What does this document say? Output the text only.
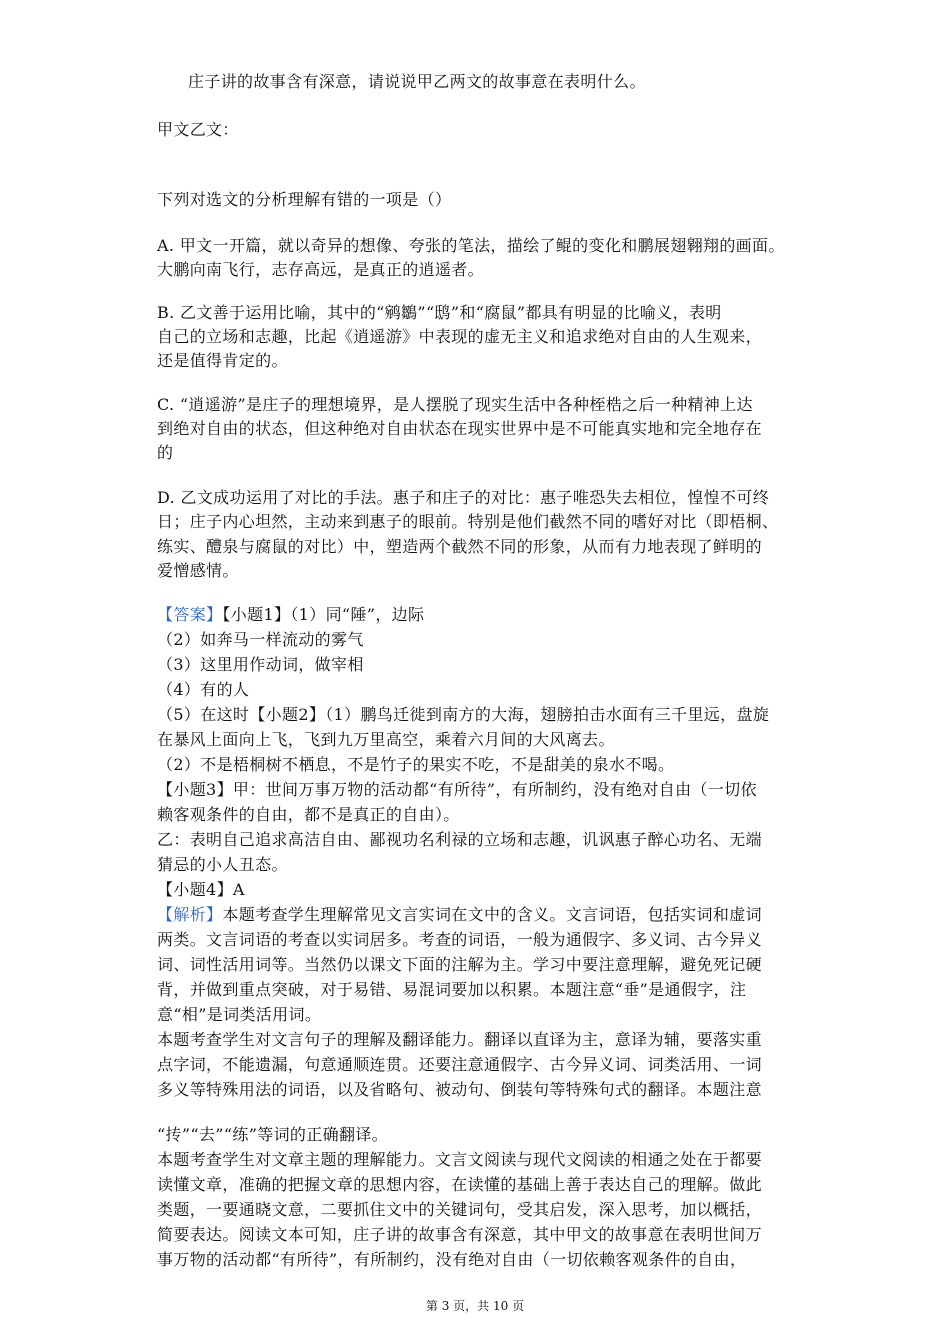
庄子讲的故事含有深意，请说说甲乙两文的故事意在表明什么。
甲文乙文：
下列对选文的分析理解有错的一项是（）
A. 甲文一开篇，就以奇异的想像、夸张的笔法，描绘了鲲的变化和鹏展翅翱翔的画面。
大鹏向南飞行，志存高远，是真正的逍遥者。
B. 乙文善于运用比喻，其中的“鹓鶵”“鸱”和“腐鼠”都具有明显的比喻义，表明
自己的立场和志趣，比起《逍遥游》中表现的虚无主义和追求绝对自由的人生观来，
还是值得肯定的。
C. “逍遥游”是庄子的理想境界，是人摆脱了现实生活中各种桎梏之后一种精神上达
到绝对自由的状态，但这种绝对自由状态在现实世界中是不可能真实地和完全地存在
的
D. 乙文成功运用了对比的手法。惠子和庄子的对比：惠子唯恐失去相位，惶惶不可终
日；庄子内心坦然，主动来到惠子的眼前。特别是他们截然不同的嗜好对比（即梧桐、
练实、醴泉与腐鼠的对比）中，塑造两个截然不同的形象，从而有力地表现了鲜明的
爱憎感情。
【答案】【小题1】（1）同“陲”，边际
（2）如奔马一样流动的雾气
（3）这里用作动词，做宰相
（4）有的人
（5）在这时【小题2】（1）鹏鸟迁徙到南方的大海，翅膀拍击水面有三千里远，盘旋
在暴风上面向上飞，飞到九万里高空，乘着六月间的大风离去。
（2）不是梧桐树不栖息，不是竹子的果实不吃，不是甜美的泉水不喝。
【小题3】甲：世间万事万物的活动都“有所待”，有所制约，没有绝对自由（一切依
赖客观条件的自由，都不是真正的自由）。
乙：表明自己追求高洁自由、鄙视功名利禄的立场和志趣，讥讽惠子醉心功名、无端
猜忌的小人丑态。
【小题4】A
【解析】本题考查学生理解常见文言实词在文中的含义。文言词语，包括实词和虚词
两类。文言词语的考查以实词居多。考查的词语，一般为通假字、多义词、古今异义
词、词性活用词等。当然仍以课文下面的注解为主。学习中要注意理解，避免死记硬
背，并做到重点突破，对于易错、易混词要加以积累。本题注意“垂”是通假字，注
意“相”是词类活用词。
本题考查学生对文言句子的理解及翻译能力。翻译以直译为主，意译为辅，要落实重
点字词，不能遗漏，句意通顺连贯。还要注意通假字、古今异义词、词类活用、一词
多义等特殊用法的词语，以及省略句、被动句、倒装句等特殊句式的翻译。本题注意
“抟”“去”“练”等词的正确翻译。
本题考查学生对文章主题的理解能力。文言文阅读与现代文阅读的相通之处在于都要
读懂文章，准确的把握文章的思想内容，在读懂的基础上善于表达自己的理解。做此
类题，一要通晓文意，二要抓住文中的关键词句，受其启发，深入思考，加以概括，
简要表达。阅读文本可知，庄子讲的故事含有深意，其中甲文的故事意在表明世间万
事万物的活动都“有所待”，有所制约，没有绝对自由（一切依赖客观条件的自由，
第 3 页，共 10 页
